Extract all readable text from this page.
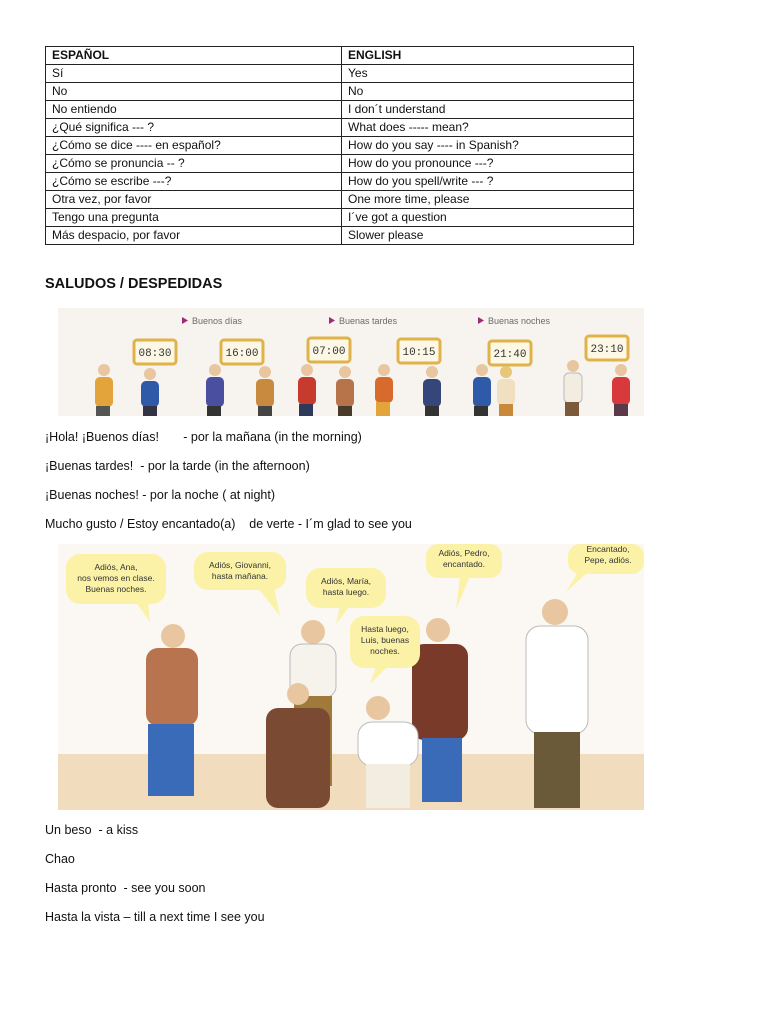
ESPAÑOL	ENGLISH
Sí	Yes
No	No
No entiendo	I don´t understand
¿Qué significa --- ?	What does ----- mean?
¿Cómo se dice ---- en español?	How do you say ---- in Spanish?
¿Cómo se pronuncia -- ?	How do you pronounce ---?
¿Cómo se escribe ---?	How do you spell/write --- ?
Otra vez, por favor	One more time, please
Tengo una pregunta	I´ve got a question
Más despacio, por favor	Slower please
SALUDOS / DESPEDIDAS
Buenos días	Buenas tardes	Buenas noches
08:30	16:00	07:00	10:15	21:40	23:10

¡Hola! ¡Buenos días!       - por la mañana (in the morning)

¡Buenas tardes!  - por la tarde (in the afternoon)

¡Buenas noches! - por la noche ( at night)

Mucho gusto / Estoy encantado(a)    de verte - I´m glad to see you

Adiós, Ana,
nos vemos en clase.
Buenas noches.
Adiós, Giovanni,
hasta mañana.	Adiós, María,
hasta luego.
Hasta luego,
Luis, buenas
noches.
Adiós, Pedro,
encantado.
Encantado,
Pepe, adiós.

Un beso  - a kiss

Chao

Hasta pronto  - see you soon

Hasta la vista – till a next time I see you
